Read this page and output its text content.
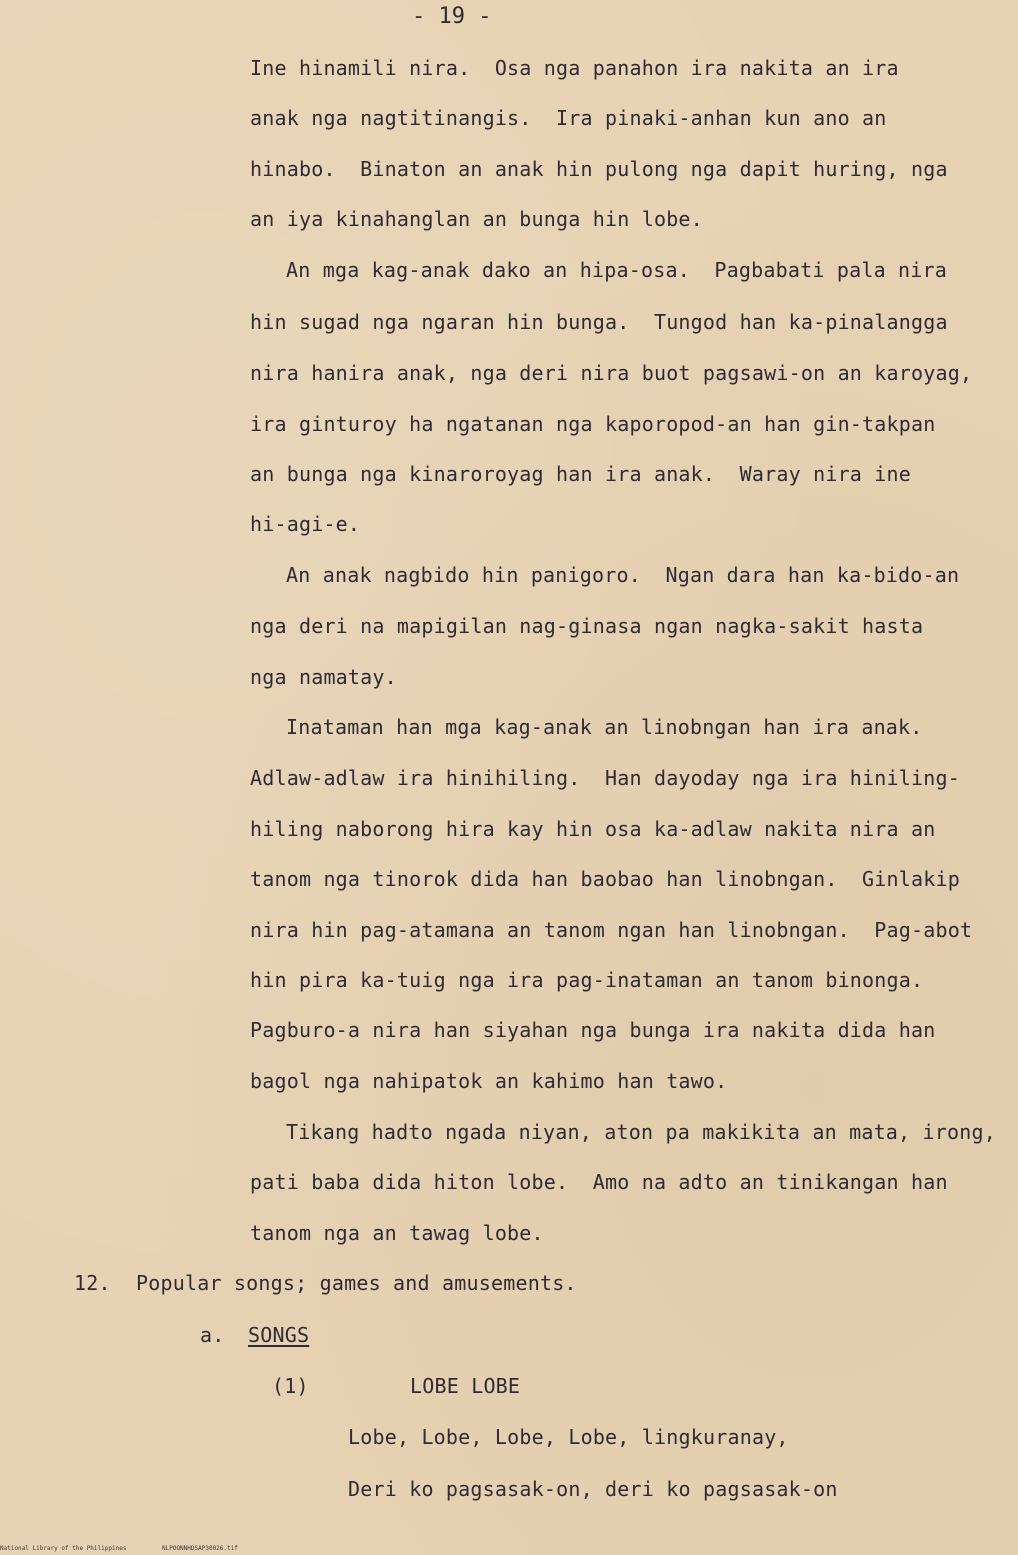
- 19 -
Ine hinamili nira.  Osa nga panahon ira nakita an ira
anak nga nagtitinangis.  Ira pinaki-anhan kun ano an
hinabo.  Binaton an anak hin pulong nga dapit huring, nga
an iya kinahanglan an bunga hin lobe.
An mga kag-anak dako an hipa-osa.  Pagbabati pala nira
hin sugad nga ngaran hin bunga.  Tungod han ka-pinalangga
nira hanira anak, nga deri nira buot pagsawi-on an karoyag,
ira ginturoy ha ngatanan nga kaporopod-an han gin-takpan
an bunga nga kinaroroyag han ira anak.  Waray nira ine
hi-agi-e.
An anak nagbido hin panigoro.  Ngan dara han ka-bido-an
nga deri na mapigilan nag-ginasa ngan nagka-sakit hasta
nga namatay.
Inataman han mga kag-anak an linobngan han ira anak.
Adlaw-adlaw ira hinihiling.  Han dayoday nga ira hiniling-
hiling naborong hira kay hin osa ka-adlaw nakita nira an
tanom nga tinorok dida han baobao han linobngan.  Ginlakip
nira hin pag-atamana an tanom ngan han linobngan.  Pag-abot
hin pira ka-tuig nga ira pag-inataman an tanom binonga.
Pagburo-a nira han siyahan nga bunga ira nakita dida han
bagol nga nahipatok an kahimo han tawo.
Tikang hadto ngada niyan, aton pa makikita an mata, irong,
pati baba dida hiton lobe.  Amo na adto an tinikangan han
tanom nga an tawag lobe.
12. Popular songs; games and amusements.
a. SONGS
(1)	LOBE LOBE
Lobe, Lobe, Lobe, Lobe, lingkuranay,
Deri ko pagsasak-on, deri ko pagsasak-on
National Library of the Philippines	NLPOONNHDSAP30026.tif
